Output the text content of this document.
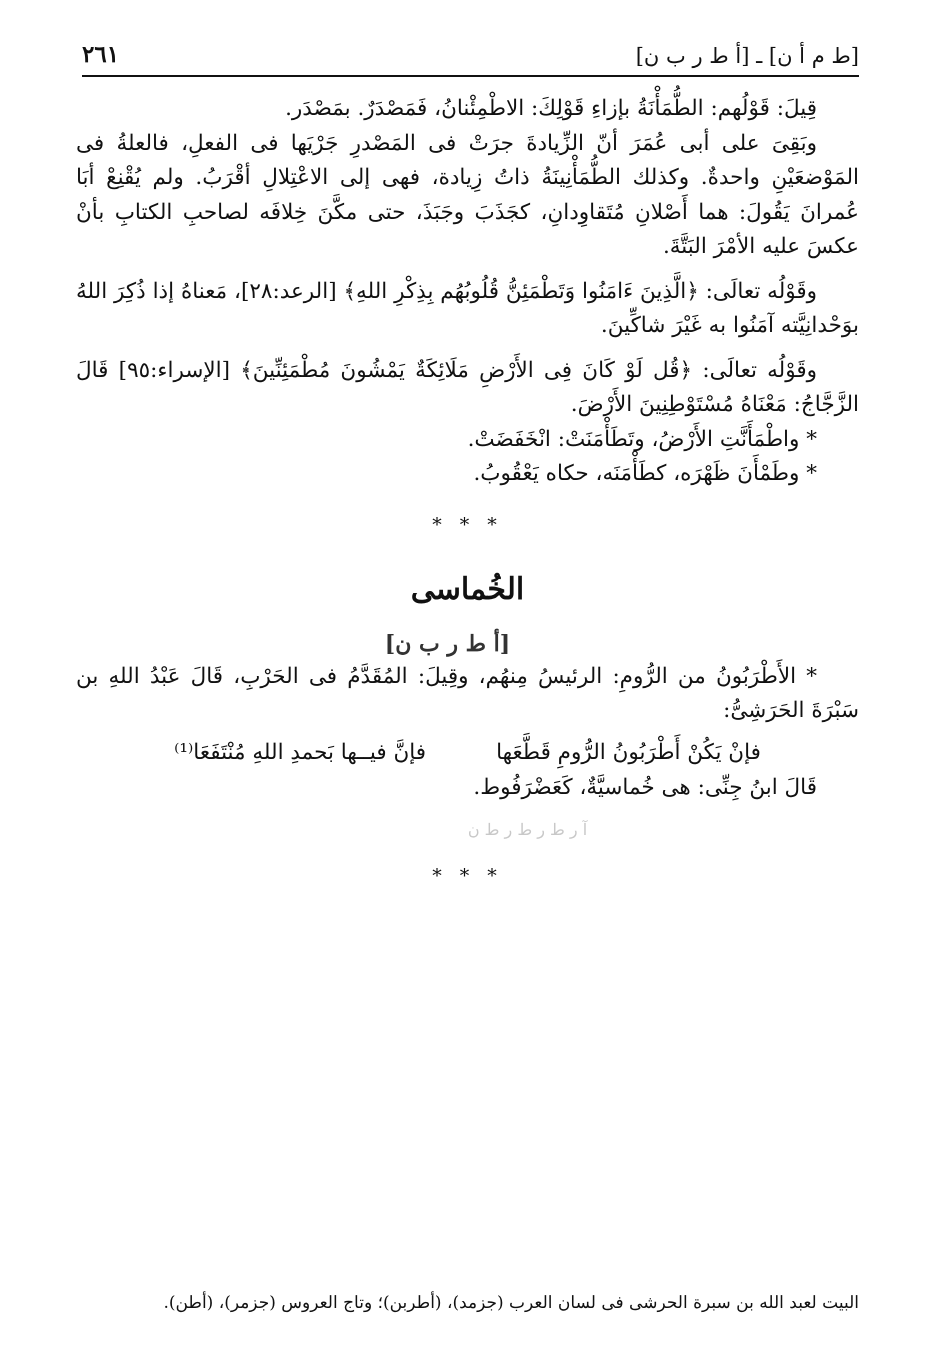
[ط م أ ن] ـ [أ ط ر ب ن]
٢٦١

قِيلَ: قَوْلُهم: الطُّمَأْنَةُ بإزاءِ قَوْلِكَ: الاطْمِئْنانُ، فَمَصْدَرٌ. بمَصْدَر.

وبَقِىَ على أبى عُمَرَ أنّ الزِّيادةَ جرَتْ فى المَصْدرِ جَرْيَها فى الفعلِ، فالعلةُ فى المَوْضعَيْنِ واحدةٌ. وكذلك الطُّمَأْنِينَةُ ذاتُ زِيادة، فهى إلى الاعْتِلالِ أقْرَبُ. ولم يُقْنِعْ أبَا عُمرانَ يَقُولَ: هما أَصْلانِ مُتَقاوِدانِ، كجَذَبَ وجَبَذَ، حتى مكَّنَ خِلافَه لصاحبِ الكتابِ بأنْ عكسَ عليه الأمْرَ البَتَّةَ.

وقَوْلُه تعالَى: ﴿الَّذِينَ ءَامَنُوا وَتَطْمَئِنُّ قُلُوبُهُم بِذِكْرِ اللهِ﴾ [الرعد:٢٨]، مَعناهُ إذا ذُكِرَ اللهُ بوَحْدانِيَّته آمَنُوا به غَيْرَ شاكِّينَ.

وقَوْلُه تعالَى: ﴿قُل لَوْ كَانَ فِى الأَرْضِ مَلَائِكَةٌ يَمْشُونَ مُطْمَئِنِّينَ﴾ [الإسراء:٩٥] قَالَ الزَّجَّاجُ: مَعْنَاهُ مُسْتَوْطِنِينَ الأَرْضَ.

* واطْمَأَنَّتِ الأَرْضُ، وتَطَأْمَنَتْ: انْخَفَضَتْ.

* وطَمْأَنَ ظَهْرَه، كطَأْمَنَه، حكاه يَعْقُوبُ.

* * *
الخُماسى
[أ ط ر ب ن]

* الأَطْرَبُونُ من الرُّومِ: الرئيسُ مِنهُم، وقِيلَ: المُقَدَّمُ فى الحَرْبِ، قَالَ عَبْدُ اللهِ بن سَبْرَةَ الحَرَشِىُّ:

فإنْ يَكُنْ أَطْرَبُونُ الرُّومِ قَطَّعَها
فإنَّ فيــها بَحمدِ اللهِ مُنْتَفَعَا⁽¹⁾

قَالَ ابنُ جِنِّى: هى خُماسيَّةٌ، كَعَضْرَفُوط.

آ ر ط ر ط ر ط ن
* * *
البيت لعبد الله بن سبرة الحرشى فى لسان العرب (جزمد)، (أطربن)؛ وتاج العروس (جزمر)، (أطن).
